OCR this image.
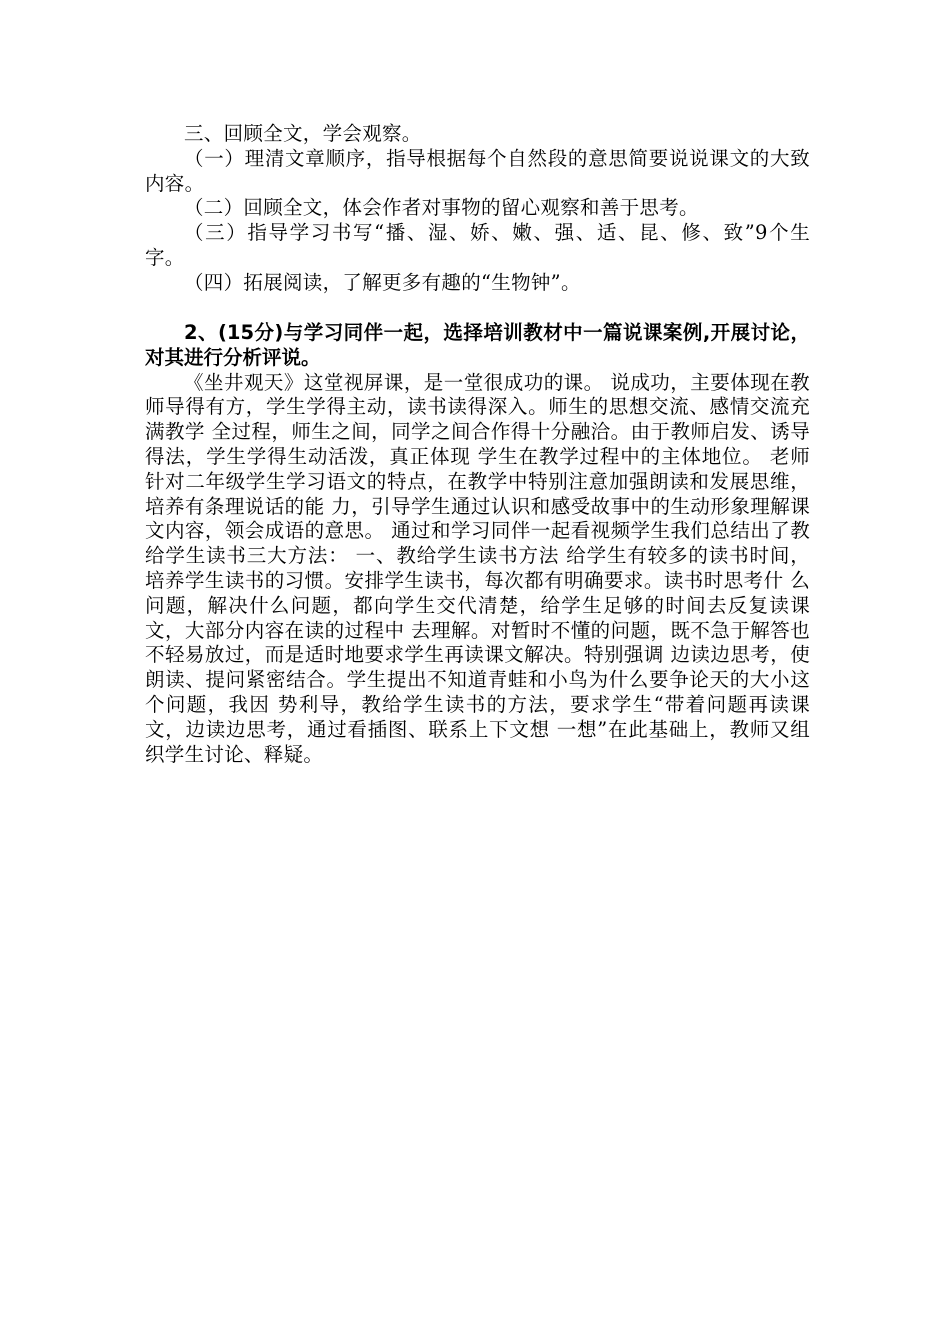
三、回顾全文，学会观察。

（一）理清文章顺序，指导根据每个自然段的意思简要说说课文的大致内容。

（二）回顾全文，体会作者对事物的留心观察和善于思考。

（三）指导学习书写“播、湿、娇、嫩、强、适、昆、修、致”9个生字。

（四）拓展阅读，了解更多有趣的“生物钟”。

2、(15分)与学习同伴一起，选择培训教材中一篇说课案例,开展讨论，对其进行分析评说。

《坐井观天》这堂视屏课，是一堂很成功的课。 说成功，主要体现在教师导得有方，学生学得主动，读书读得深入。师生的思想交流、感情交流充满教学 全过程，师生之间，同学之间合作得十分融洽。由于教师启发、诱导得法，学生学得生动活泼，真正体现 学生在教学过程中的主体地位。 老师针对二年级学生学习语文的特点，在教学中特别注意加强朗读和发展思维，培养有条理说话的能 力，引导学生通过认识和感受故事中的生动形象理解课文内容，领会成语的意思。 通过和学习同伴一起看视频学生我们总结出了教给学生读书三大方法： 一、教给学生读书方法 给学生有较多的读书时间，培养学生读书的习惯。安排学生读书，每次都有明确要求。读书时思考什 么问题，解决什么问题，都向学生交代清楚，给学生足够的时间去反复读课文，大部分内容在读的过程中 去理解。对暂时不懂的问题，既不急于解答也不轻易放过，而是适时地要求学生再读课文解决。特别强调 边读边思考，使朗读、提问紧密结合。学生提出不知道青蛙和小鸟为什么要争论天的大小这个问题，我因 势利导，教给学生读书的方法，要求学生“带着问题再读课文，边读边思考，通过看插图、联系上下文想 一想”在此基础上，教师又组织学生讨论、释疑。
